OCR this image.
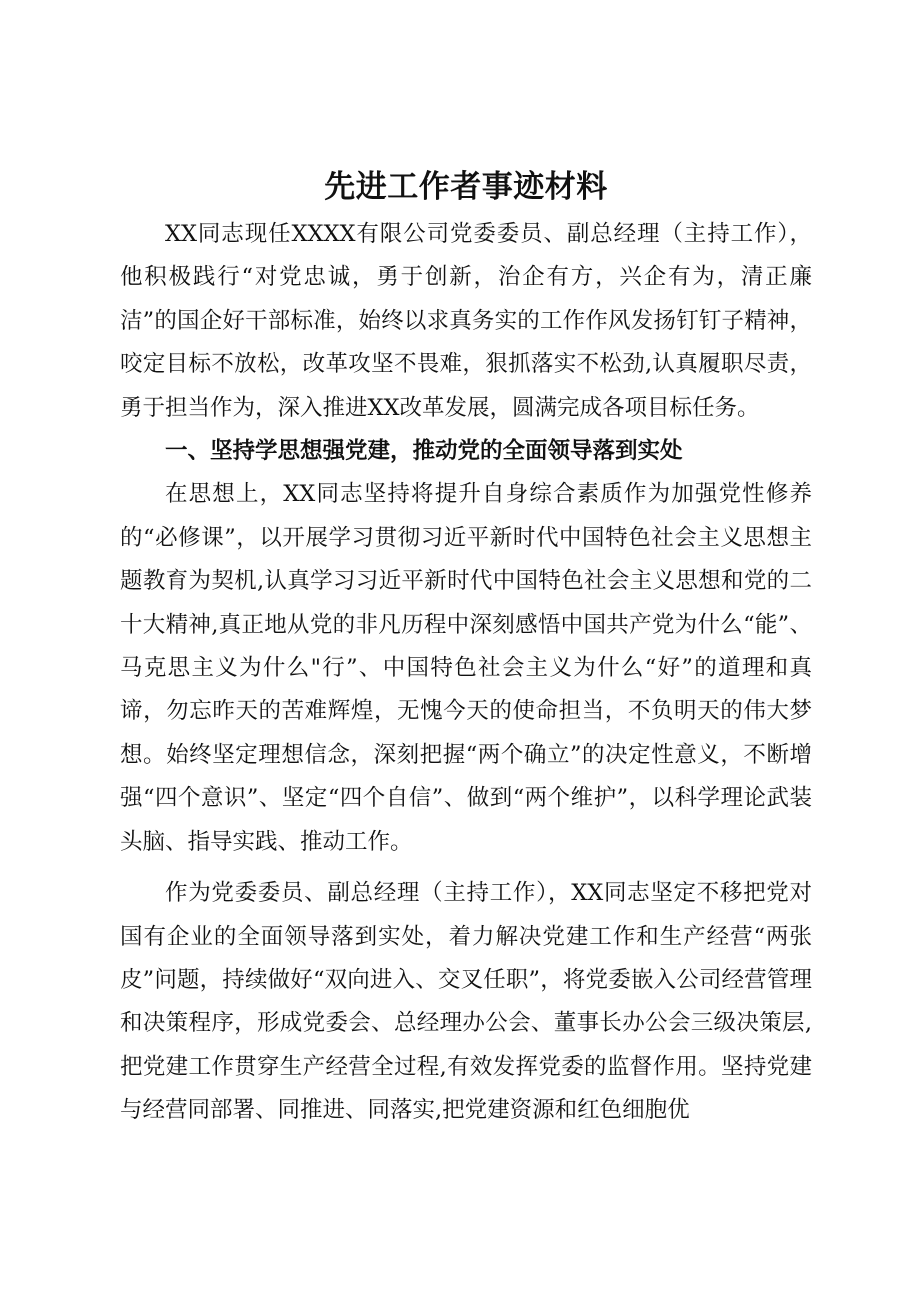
先进工作者事迹材料

XX同志现任XXXX有限公司党委委员、副总经理（主持工作），他积极践行“对党忠诚，勇于创新，治企有方，兴企有为，清正廉洁”的国企好干部标准，始终以求真务实的工作作风发扬钉钉子精神，咬定目标不放松，改革攻坚不畏难，狠抓落实不松劲,认真履职尽责，勇于担当作为，深入推进XX改革发展，圆满完成各项目标任务。

一、坚持学思想强党建，推动党的全面领导落到实处

在思想上，XX同志坚持将提升自身综合素质作为加强党性修养的“必修课”，以开展学习贯彻习近平新时代中国特色社会主义思想主题教育为契机,认真学习习近平新时代中国特色社会主义思想和党的二十大精神,真正地从党的非凡历程中深刻感悟中国共产党为什么“能”、马克思主义为什么"行”、中国特色社会主义为什么“好”的道理和真谛，勿忘昨天的苦难辉煌，无愧今天的使命担当，不负明天的伟大梦想。始终坚定理想信念，深刻把握“两个确立”的决定性意义，不断增强“四个意识”、坚定“四个自信”、做到“两个维护”，以科学理论武装头脑、指导实践、推动工作。

作为党委委员、副总经理（主持工作），XX同志坚定不移把党对国有企业的全面领导落到实处，着力解决党建工作和生产经营“两张皮”问题，持续做好“双向进入、交叉任职”，将党委嵌入公司经营管理和决策程序，形成党委会、总经理办公会、董事长办公会三级决策层,把党建工作贯穿生产经营全过程,有效发挥党委的监督作用。坚持党建与经营同部署、同推进、同落实,把党建资源和红色细胞优
